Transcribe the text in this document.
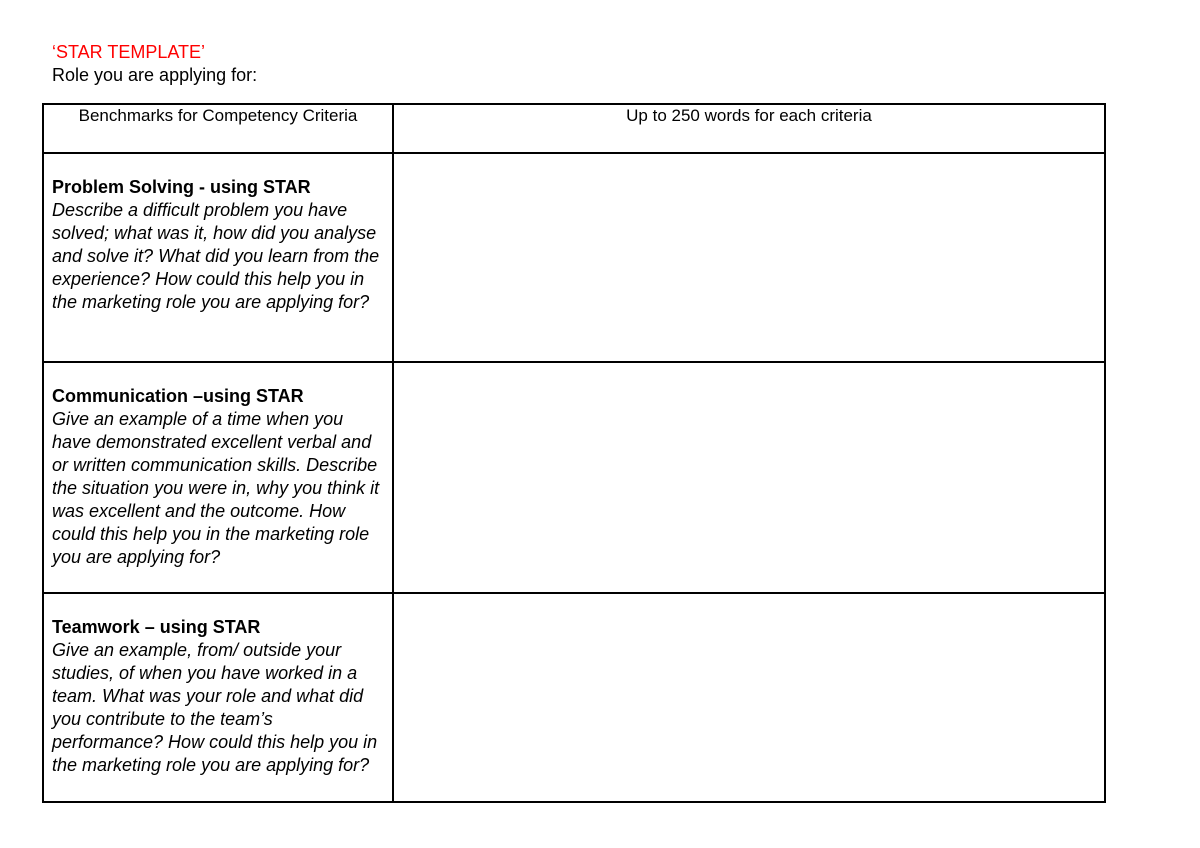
‘STAR TEMPLATE’

Role you are applying for:

Benchmarks for Competency Criteria	Up to 250 words for each criteria

Problem Solving - using STAR
Describe a difficult problem you have solved; what was it, how did you analyse and solve it? What did you learn from the experience? How could this help you in the marketing role you are applying for?	

Communication –using STAR
Give an example of a time when you have demonstrated excellent verbal and or written communication skills. Describe the situation you were in, why you think it was excellent and the outcome. How could this help you in the marketing role you are applying for?	

Teamwork – using STAR
Give an example, from/ outside your studies, of when you have worked in a team. What was your role and what did you contribute to the team’s performance? How could this help you in the marketing role you are applying for?	
